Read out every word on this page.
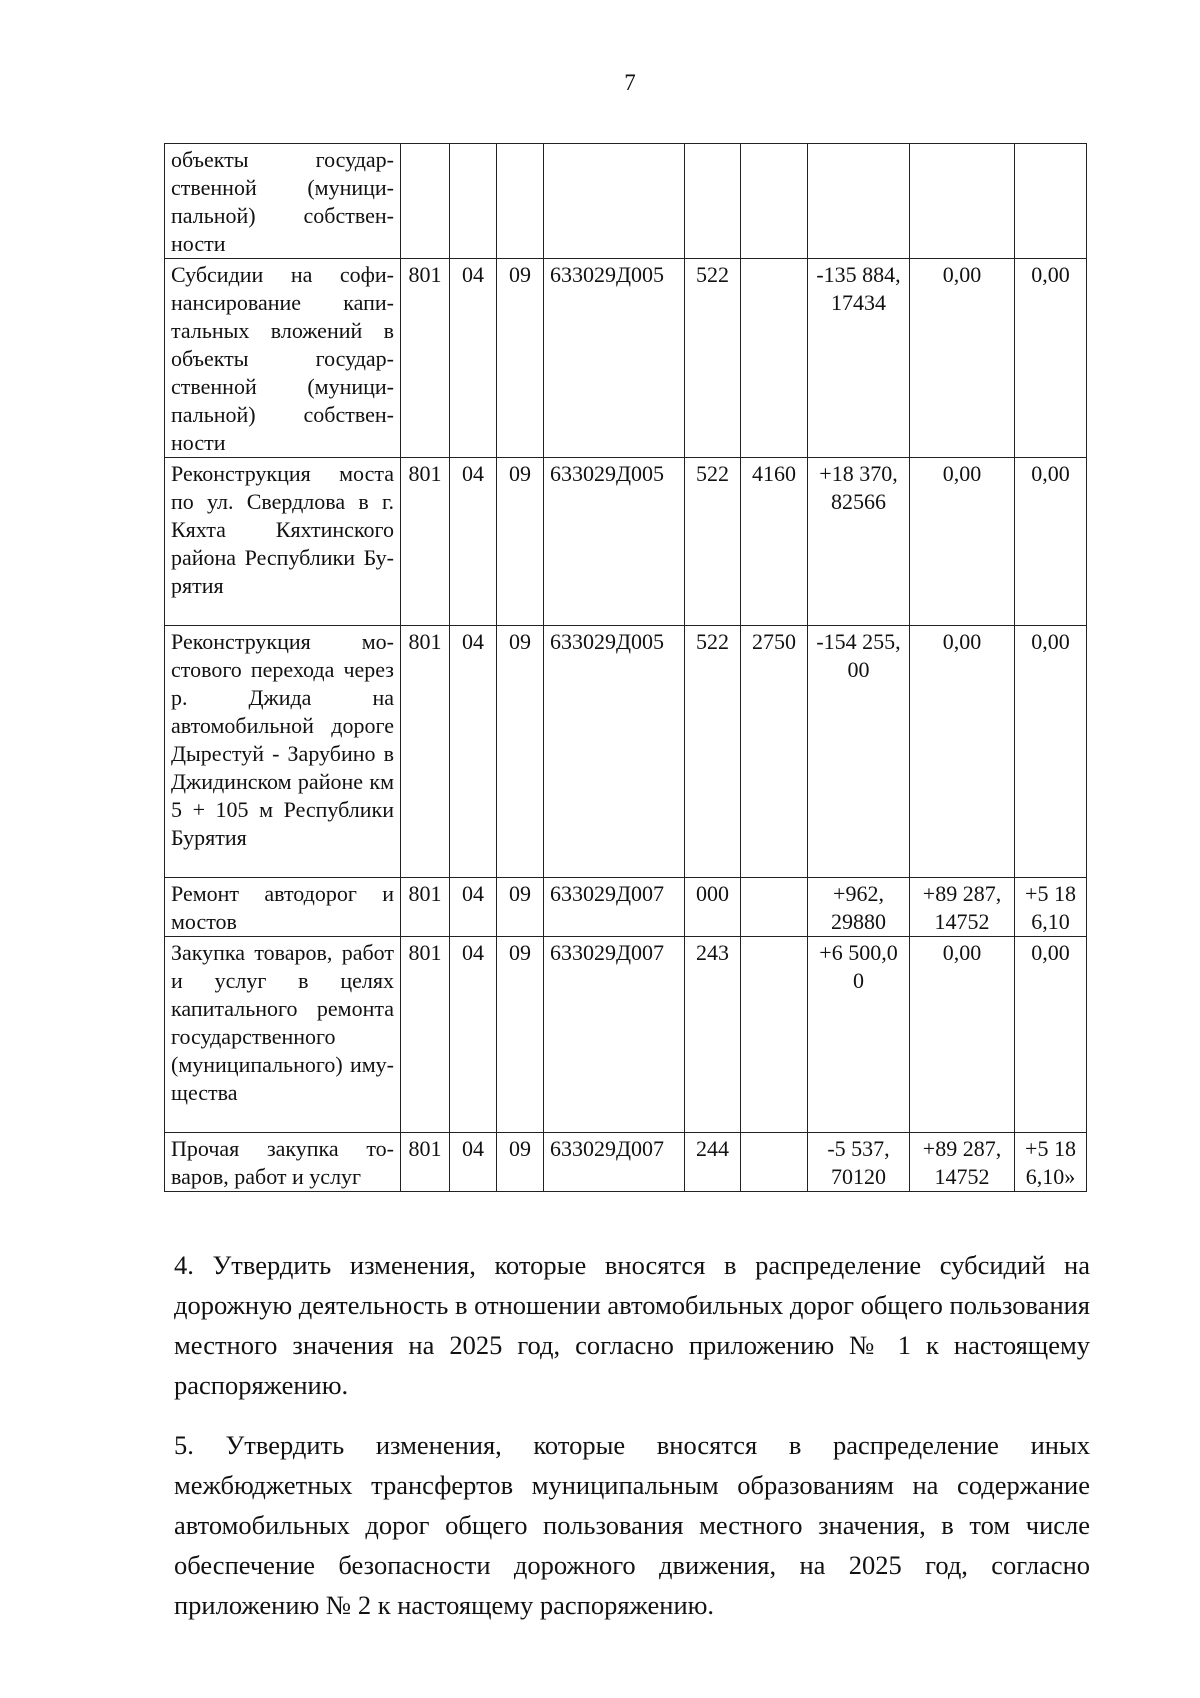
7
объекты государственной (муниципальной) собственности									
Субсидии на софинансирование капитальных вложений в объекты государственной (муниципальной) собственности	801	04	09	633029Д005	522		-135 884, 17434	0,00	0,00
Реконструкция моста по ул. Свердлова в г. Кяхта Кяхтинского района Республики Бурятия	801	04	09	633029Д005	522	4160	+18 370, 82566	0,00	0,00
Реконструкция мостового перехода через р. Джида на автомобильной дороге Дырестуй - Зарубино в Джидинском районе км 5 + 105 м Республики Бурятия	801	04	09	633029Д005	522	2750	-154 255, 00	0,00	0,00
Ремонт автодорог и мостов	801	04	09	633029Д007	000		+962, 29880	+89 287, 14752	+5 18 6,10
Закупка товаров, работ и услуг в целях капитального ремонта государственного (муниципального) имущества	801	04	09	633029Д007	243		+6 500,0 0	0,00	0,00
Прочая закупка товаров, работ и услуг	801	04	09	633029Д007	244		-5 537, 70120	+89 287, 14752	+5 18 6,10»

4. Утвердить изменения, которые вносятся в распределение субсидий на дорожную деятельность в отношении автомобильных дорог общего пользования местного значения на 2025 год, согласно приложению № 1 к настоящему распоряжению.

5. Утвердить изменения, которые вносятся в распределение иных межбюджетных трансфертов муниципальным образованиям на содержание автомобильных дорог общего пользования местного значения, в том числе обеспечение безопасности дорожного движения, на 2025 год, согласно приложению № 2 к настоящему распоряжению.
